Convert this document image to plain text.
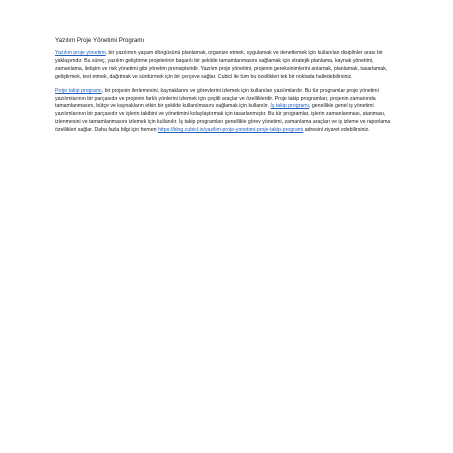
Yazılım Proje Yönetimi Programı

Yazılım proje yönetimi, bir yazılımın yaşam döngüsünü planlamak, organize etmek, uygulamak ve denetlemek için kullanılan disiplinler arası bir yaklaşımdır. Bu süreç, yazılım geliştirme projelerinin başarılı bir şekilde tamamlanmasını sağlamak için stratejik planlama, kaynak yönetimi, zamanlama, iletişim ve risk yönetimi gibi yönetim prensipleridir. Yazılım proje yönetimi, projenin gereksinimlerini anlamak, planlamak, tasarlamak, geliştirmek, test etmek, dağıtmak ve sürdürmek için bir çerçeve sağlar. Cubicl ile tüm bu özellikleri tek bir noktada halledebilirsiniz.

Proje takip programı, bir projenin ilerlemesini, kaynaklarını ve görevlerini izlemek için kullanılan yazılımlardır. Bu tür programlar proje yönetimi yazılımlarının bir parçasıdır ve projenin farklı yönlerini izlemek için çeşitli araçlar ve özelliklerdir. Proje takip programları, projenin zamanında tamamlanmasını, bütçe ve kaynakların etkin bir şekilde kullanılmasını sağlamak için kullanılır. İş takip programı, genellikle genel iş yönetimi yazılımlarının bir parçasıdır ve işlerin takibini ve yönetimini kolaylaştırmak için tasarlanmıştır. Bu tür programlar, işlerin zamanlanması, atanması, izlenmesini ve tamamlanmasını izlemek için kullanılır. İş takip programları genellikle görev yönetimi, zamanlama araçları ve iş izleme ve raporlama özellikleri sağlar. Daha fazla bilgi için hemen https://blog.cubicl.io/yazilim-proje-yonetimi-proje-takip-programi adresini ziyaret edebilirsiniz.
